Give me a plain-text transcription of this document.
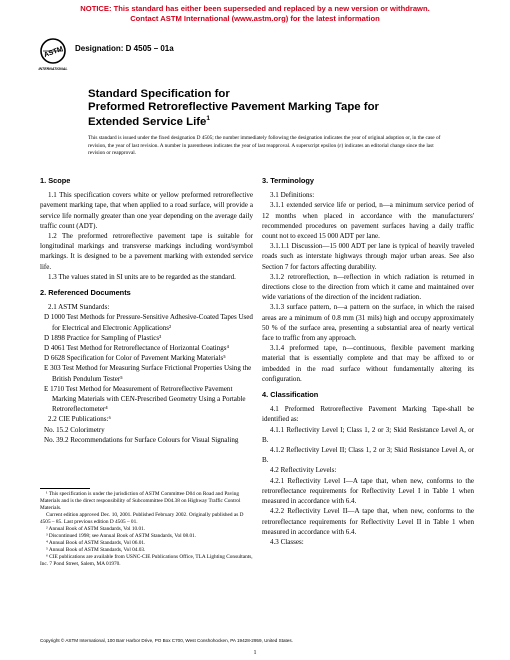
NOTICE: This standard has either been superseded and replaced by a new version or withdrawn.
Contact ASTM International (www.astm.org) for the latest information
ASTM
INTERNATIONAL
Designation: D 4505 – 01a
Standard Specification for
Preformed Retroreflective Pavement Marking Tape for
Extended Service Life$^1$
This standard is issued under the fixed designation D 4505; the number immediately following the designation indicates the year of original adoption or, in the case of revision, the year of last revision. A number in parentheses indicates the year of last reapproval. A superscript epsilon (ε) indicates an editorial change since the last revision or reapproval.
1. Scope

1.1 This specification covers white or yellow preformed retroreflective pavement marking tape, that when applied to a road surface, will provide a service life normally greater than one year depending on the average daily traffic count (ADT).

1.2 The preformed retroreflective pavement tape is suitable for longitudinal markings and transverse markings including word/symbol markings. It is designed to be a pavement marking with extended service life.

1.3 The values stated in SI units are to be regarded as the standard.

2. Referenced Documents

2.1 ASTM Standards:

D 1000 Test Methods for Pressure-Sensitive Adhesive-Coated Tapes Used for Electrical and Electronic Applications²

D 1898 Practice for Sampling of Plastics³

D 4061 Test Method for Retroreflectance of Horizontal Coatings⁴

D 6628 Specification for Color of Pavement Marking Materials⁵

E 303 Test Method for Measuring Surface Frictional Properties Using the British Pendulum Tester⁵

E 1710 Test Method for Measurement of Retroreflective Pavement Marking Materials with CEN-Prescribed Geometry Using a Portable Retroreflectometer⁴

2.2 CIE Publications:⁶

No. 15.2 Colorimetry

No. 39.2 Recommendations for Surface Colours for Visual Signaling

¹ This specification is under the jurisdiction of ASTM Committee D04 on Road and Paving Materials and is the direct responsibility of Subcommittee D04.38 on Highway Traffic Control Materials.

Current edition approved Dec. 10, 2001. Published February 2002. Originally published as D 4505 – 85. Last previous edition D 4505 – 01.

² Annual Book of ASTM Standards, Vol 10.01.

³ Discontinued 1998; see Annual Book of ASTM Standards, Vol 08.01.

⁴ Annual Book of ASTM Standards, Vol 06.01.

⁵ Annual Book of ASTM Standards, Vol 04.03.

⁶ CIE publications are available from USNC-CIE Publications Office, TLA Lighting Consultants, Inc. 7 Pond Street, Salem, MA 01970.

3. Terminology

3.1 Definitions:

3.1.1 extended service life or period, n—a minimum service period of 12 months when placed in accordance with the manufacturers' recommended procedures on pavement surfaces having a daily traffic count not to exceed 15 000 ADT per lane.

3.1.1.1 Discussion—15 000 ADT per lane is typical of heavily traveled roads such as interstate highways through major urban areas. See also Section 7 for factors affecting durability.

3.1.2 retroreflection, n—reflection in which radiation is returned in directions close to the direction from which it came and maintained over wide variations of the direction of the incident radiation.

3.1.3 surface pattern, n—a pattern on the surface, in which the raised areas are a minimum of 0.8 mm (31 mils) high and occupy approximately 50 % of the surface area, presenting a substantial area of nearly vertical face to traffic from any approach.

3.1.4 preformed tape, n—continuous, flexible pavement marking material that is essentially complete and that may be affixed to or imbedded in the road surface without fundamentally altering its configuration.

4. Classification

4.1 Preformed Retroreflective Pavement Marking Tape-shall be identified as:

4.1.1 Reflectivity Level I; Class 1, 2 or 3; Skid Resistance Level A, or B.

4.1.2 Reflectivity Level II; Class 1, 2 or 3; Skid Resistance Level A, or B.

4.2 Reflectivity Levels:

4.2.1 Reflectivity Level I—A tape that, when new, conforms to the retroreflectance requirements for Reflectivity Level I in Table 1 when measured in accordance with 6.4.

4.2.2 Reflectivity Level II—A tape that, when new, conforms to the retroreflectance requirements for Reflectivity Level II in Table 1 when measured in accordance with 6.4.

4.3 Classes:

Copyright © ASTM International, 100 Barr Harbor Drive, PO Box C700, West Conshohocken, PA 19428-2959, United States.
1
